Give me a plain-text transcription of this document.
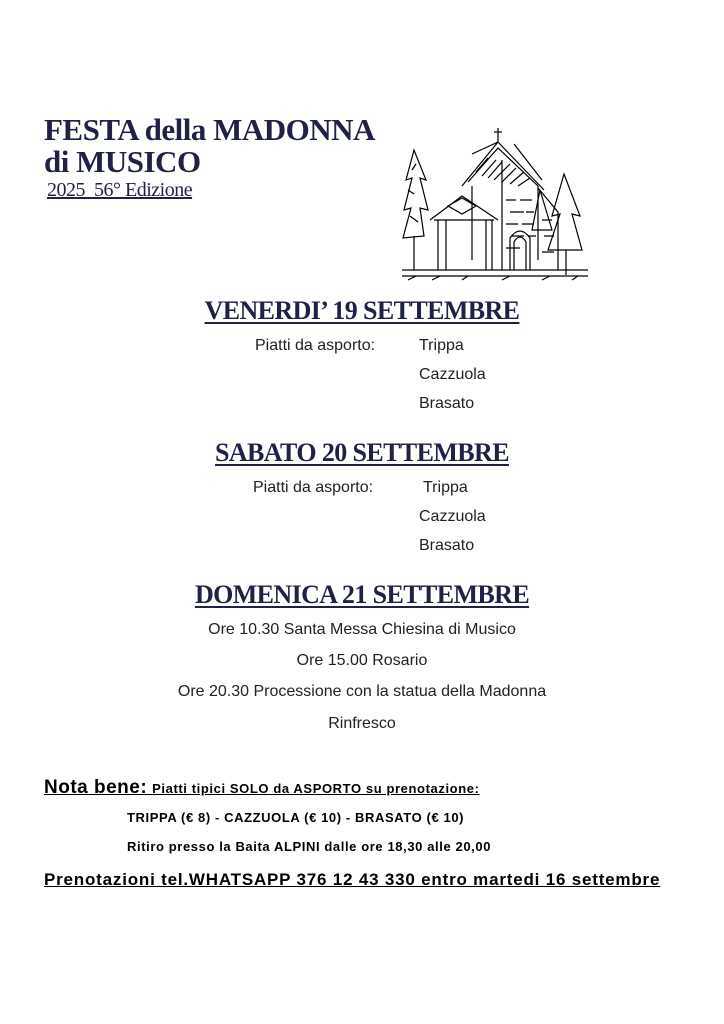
FESTA della MADONNA
di MUSICO
2025  56° Edizione
VENERDI’ 19 SETTEMBRE
Piatti da asporto:	Trippa
Cazzuola
Brasato
SABATO 20 SETTEMBRE
Piatti da asporto:	Trippa
Cazzuola
Brasato
DOMENICA 21 SETTEMBRE
Ore 10.30 Santa Messa Chiesina di Musico
Ore 15.00 Rosario
Ore 20.30 Processione con la statua della Madonna
Rinfresco
Nota bene: Piatti tipici SOLO da ASPORTO su prenotazione:
TRIPPA (€ 8) - CAZZUOLA (€ 10) - BRASATO (€ 10)
Ritiro presso la Baita ALPINI dalle ore 18,30 alle 20,00
Prenotazioni tel.WHATSAPP 376 12 43 330 entro martedi 16 settembre
